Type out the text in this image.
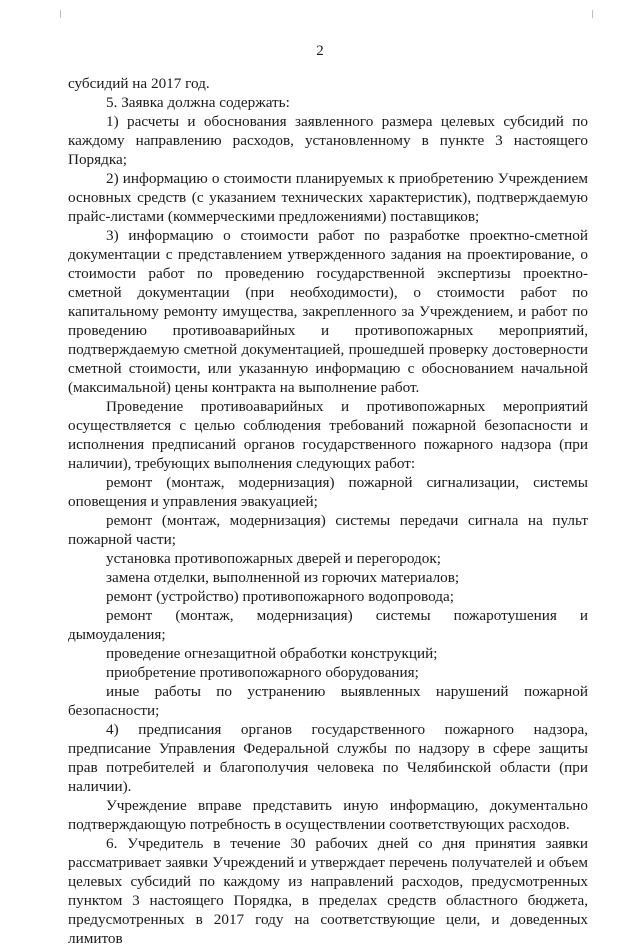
2

субсидий на 2017 год.

5. Заявка должна содержать:

1) расчеты и обоснования заявленного размера целевых субсидий по каждому направлению расходов, установленному в пункте 3 настоящего Порядка;

2) информацию о стоимости планируемых к приобретению Учреждением основных средств (с указанием технических характеристик), подтверждаемую прайс-листами (коммерческими предложениями) поставщиков;

3) информацию о стоимости работ по разработке проектно-сметной документации с представлением утвержденного задания на проектирование, о стоимости работ по проведению государственной экспертизы проектно-сметной документации (при необходимости), о стоимости работ по капитальному ремонту имущества, закрепленного за Учреждением, и работ по проведению противоаварийных и противопожарных мероприятий, подтверждаемую сметной документацией, прошедшей проверку достоверности сметной стоимости, или указанную информацию с обоснованием начальной (максимальной) цены контракта на выполнение работ.

Проведение противоаварийных и противопожарных мероприятий осуществляется с целью соблюдения требований пожарной безопасности и исполнения предписаний органов государственного пожарного надзора (при наличии), требующих выполнения следующих работ:

ремонт (монтаж, модернизация) пожарной сигнализации, системы оповещения и управления эвакуацией;

ремонт (монтаж, модернизация) системы передачи сигнала на пульт пожарной части;

установка противопожарных дверей и перегородок;

замена отделки, выполненной из горючих материалов;

ремонт (устройство) противопожарного водопровода;

ремонт (монтаж, модернизация) системы пожаротушения и дымоудаления;

проведение огнезащитной обработки конструкций;

приобретение противопожарного оборудования;

иные работы по устранению выявленных нарушений пожарной безопасности;

4) предписания органов государственного пожарного надзора, предписание Управления Федеральной службы по надзору в сфере защиты прав потребителей и благополучия человека по Челябинской области (при наличии).

Учреждение вправе представить иную информацию, документально подтверждающую потребность в осуществлении соответствующих расходов.

6. Учредитель в течение 30 рабочих дней со дня принятия заявки рассматривает заявки Учреждений и утверждает перечень получателей и объем целевых субсидий по каждому из направлений расходов, предусмотренных пунктом 3 настоящего Порядка, в пределах средств областного бюджета, предусмотренных в 2017 году на соответствующие цели, и доведенных лимитов
